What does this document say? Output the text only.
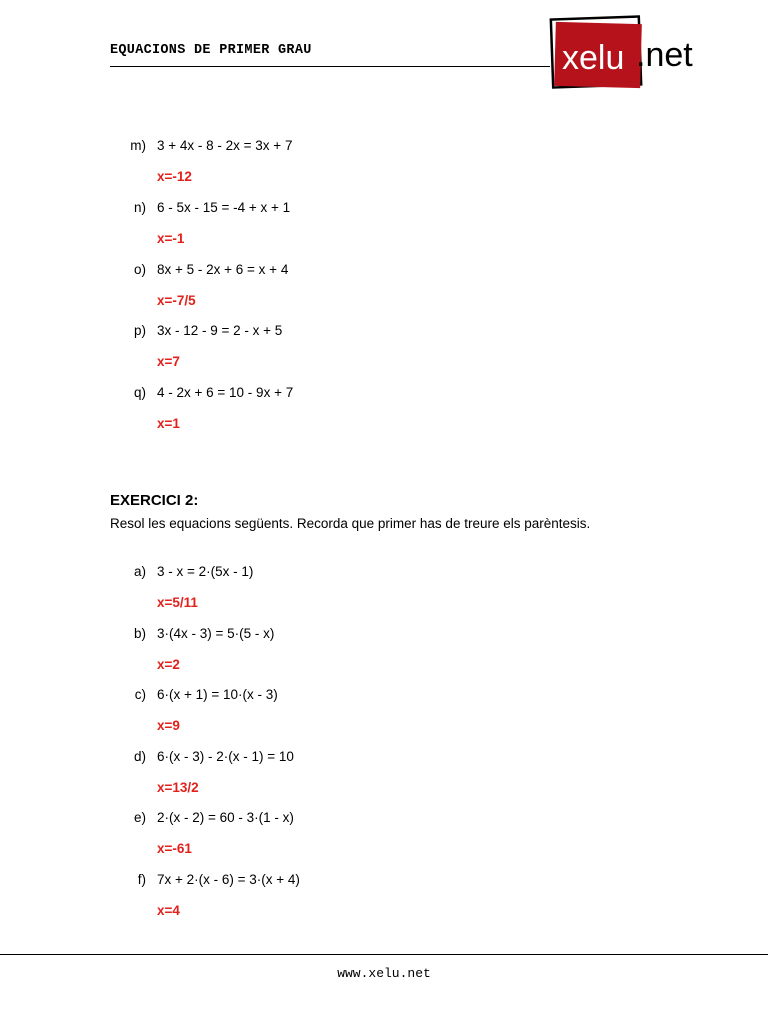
EQUACIONS DE PRIMER GRAU	xelu .net
m) 3 + 4x - 8 - 2x = 3x + 7
x=-12
n) 6 - 5x - 15 = -4 + x + 1
x=-1
o) 8x + 5 - 2x + 6 = x + 4
x=-7/5
p) 3x - 12 - 9 = 2 - x + 5
x=7
q) 4 - 2x + 6 = 10 - 9x + 7
x=1
EXERCICI 2:
Resol les equacions següents. Recorda que primer has de treure els parèntesis.
a) 3 - x = 2·(5x - 1)
x=5/11
b) 3·(4x - 3) = 5·(5 - x)
x=2
c) 6·(x + 1) = 10·(x - 3)
x=9
d) 6·(x - 3) - 2·(x - 1) = 10
x=13/2
e) 2·(x - 2) = 60 - 3·(1 - x)
x=-61
f) 7x + 2·(x - 6) = 3·(x + 4)
x=4
www.xelu.net
